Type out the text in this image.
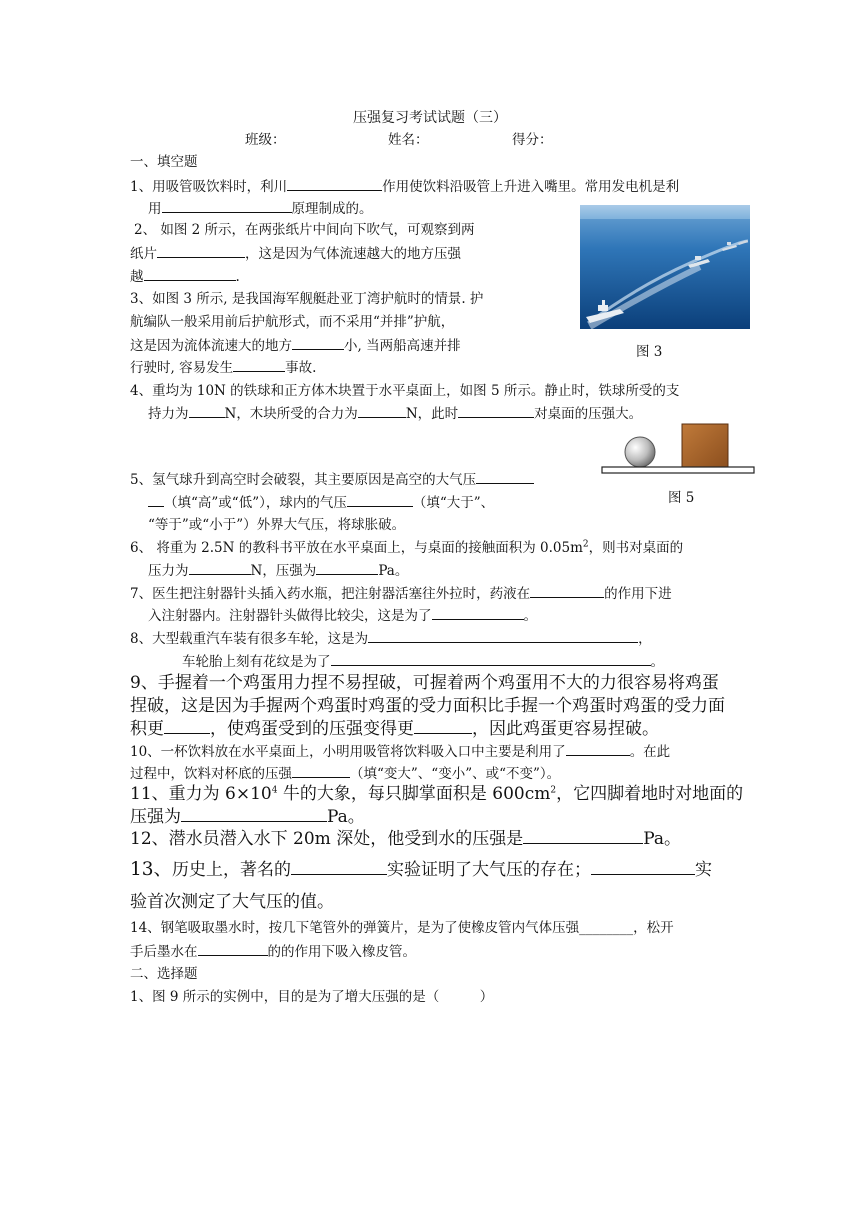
压强复习考试试题（三）
班级：	姓名：	得分：
一、填空题
1、用吸管吸饮料时，利川	作用使饮料沿吸管上升进入嘴里。常用发电机是利
用	原理制成的。
2、 如图 2 所示，在两张纸片中间向下吹气，可观察到两
纸片	，这是因为气体流速越大的地方压强
越	.
图 3
3、如图 3 所示, 是我国海军舰艇赴亚丁湾护航时的情景. 护
航编队一般采用前后护航形式，而不采用“并排”护航，
这是因为流体流速大的地方	小, 当两船高速并排
行驶时, 容易发生	事故.
4、重均为 10N 的铁球和正方体木块置于水平桌面上，如图 5 所示。静止时，铁球所受的支
持力为	N，木块所受的合力为	N，此时	对桌面的压强大。
图 5
5、氢气球升到高空时会破裂，其主要原因是高空的大气压
（填“高”或“低”），球内的气压	（填“大于”、
“等于”或“小于”）外界大气压，将球胀破。
6、 将重为 2.5N 的教科书平放在水平桌面上，与桌面的接触面积为 $0.05m^2$，则书对桌面的
压力为	N，压强为	Pa。
7、医生把注射器针头插入药水瓶，把注射器活塞往外拉时，药液在	的作用下进
入注射器内。注射器针头做得比较尖，这是为了	。
8、大型载重汽车装有很多车轮，这是为	，
车轮胎上刻有花纹是为了	。
9、手握着一个鸡蛋用力捏不易捏破，可握着两个鸡蛋用不大的力很容易将鸡蛋
捏破，这是因为手握两个鸡蛋时鸡蛋的受力面积比手握一个鸡蛋时鸡蛋的受力面
积更	，使鸡蛋受到的压强变得更	，因此鸡蛋更容易捏破。
10、一杯饮料放在水平桌面上，小明用吸管将饮料吸入口中主要是利用了	。在此
过程中，饮料对杯底的压强	（填“变大”、“变小”、或“不变”）。
11、重力为 $6\times 10^4$ 牛的大象，每只脚掌面积是 $600cm^2$，它四脚着地时对地面的
压强为	Pa。
12、潜水员潜入水下 20m 深处，他受到水的压强是	Pa。
13、历史上，著名的	实验证明了大气压的存在；	实
验首次测定了大气压的值。
14、钢笔吸取墨水时，按几下笔管外的弹簧片，是为了使橡皮管内气体压强________，松开
手后墨水在	的的作用下吸入橡皮管。
二、选择题
1、图 9 所示的实例中，目的是为了增大压强的是（　　　）
